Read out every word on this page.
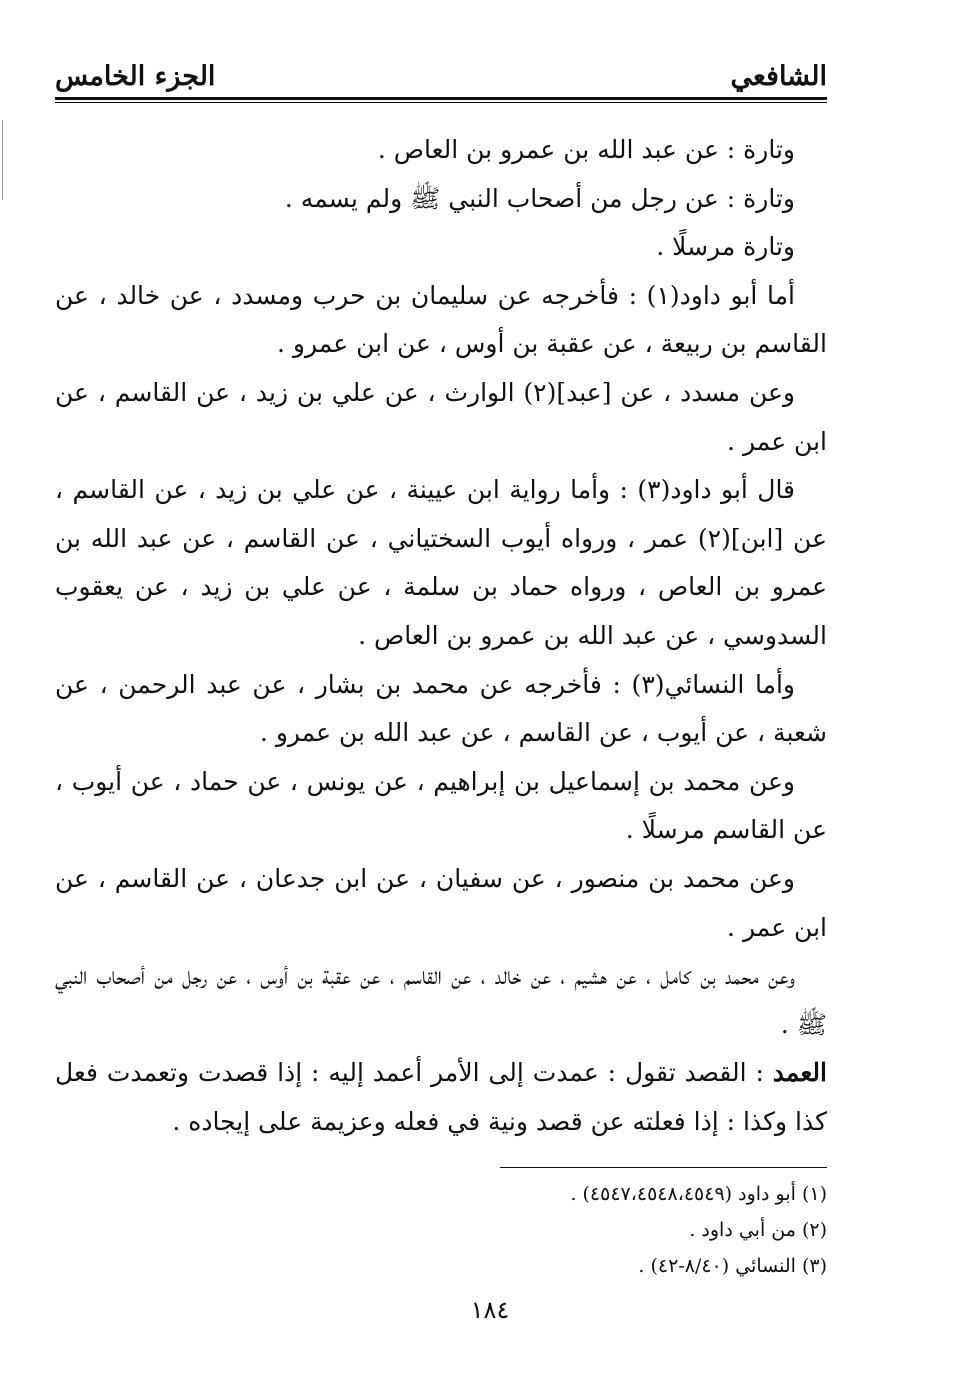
الشافعي
الجزء الخامس

وتارة : عن عبد الله بن عمرو بن العاص .

وتارة : عن رجل من أصحاب النبي ﷺ ولم يسمه .

وتارة مرسلًا .

أما أبو داود(١) : فأخرجه عن سليمان بن حرب ومسدد ، عن خالد ، عن القاسم بن ربيعة ، عن عقبة بن أوس ، عن ابن عمرو .

وعن مسدد ، عن [عبد](٢) الوارث ، عن علي بن زيد ، عن القاسم ، عن ابن عمر .

قال أبو داود(٣) : وأما رواية ابن عيينة ، عن علي بن زيد ، عن القاسم ، عن [ابن](٢) عمر ، ورواه أيوب السختياني ، عن القاسم ، عن عبد الله بن عمرو بن العاص ، ورواه حماد بن سلمة ، عن علي بن زيد ، عن يعقوب السدوسي ، عن عبد الله بن عمرو بن العاص .

وأما النسائي(٣) : فأخرجه عن محمد بن بشار ، عن عبد الرحمن ، عن شعبة ، عن أيوب ، عن القاسم ، عن عبد الله بن عمرو .

وعن محمد بن إسماعيل بن إبراهيم ، عن يونس ، عن حماد ، عن أيوب ، عن القاسم مرسلًا .

وعن محمد بن منصور ، عن سفيان ، عن ابن جدعان ، عن القاسم ، عن ابن عمر .

وعن محمد بن كامل ، عن هشيم ، عن خالد ، عن القاسم ، عن عقبة بن أوس ، عن رجل من أصحاب النبي ﷺ .

العمد : القصد تقول : عمدت إلى الأمر أعمد إليه : إذا قصدت وتعمدت فعل كذا وكذا : إذا فعلته عن قصد ونية في فعله وعزيمة على إيجاده .

(١) أبو داود (٤٥٤٧،٤٥٤٨،٤٥٤٩) .

(٢) من أبي داود .

(٣) النسائي (٨/٤٠-٤٢) .

١٨٤
